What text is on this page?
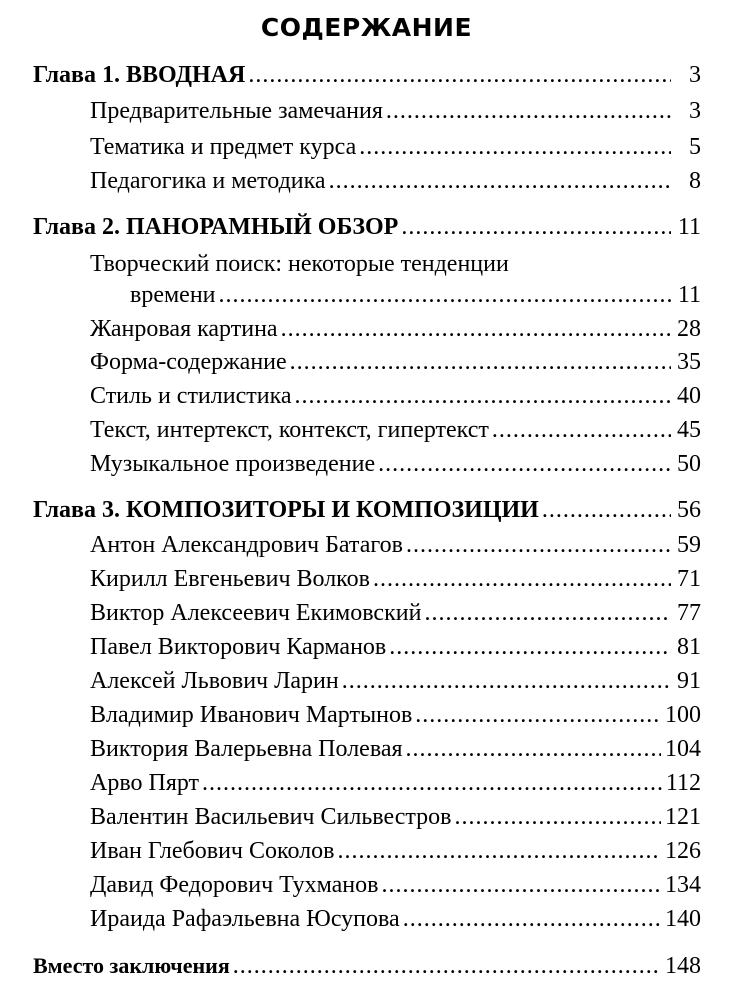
СОДЕРЖАНИЕ
Глава 1. ВВОДНАЯ .....	3
Предварительные замечания .....	3
Тематика и предмет курса .....	5
Педагогика и методика .....	8
Глава 2. ПАНОРАМНЫЙ ОБЗОР .....	11
Творческий поиск: некоторые тенденции
времени .....	11
Жанровая картина .....	28
Форма-содержание .....	35
Стиль и стилистика .....	40
Текст, интертекст, контекст, гипертекст .....	45
Музыкальное произведение .....	50
Глава 3. КОМПОЗИТОРЫ И КОМПОЗИЦИИ .....	56
Антон Александрович Батагов .....	59
Кирилл Евгеньевич Волков .....	71
Виктор Алексеевич Екимовский .....	77
Павел Викторович Карманов .....	81
Алексей Львович Ларин .....	91
Владимир Иванович Мартынов .....	100
Виктория Валерьевна Полевая .....	104
Арво Пярт .....	112
Валентин Васильевич Сильвестров .....	121
Иван Глебович Соколов .....	126
Давид Федорович Тухманов .....	134
Ираида Рафаэльевна Юсупова .....	140
Вместо заключения .....	148
